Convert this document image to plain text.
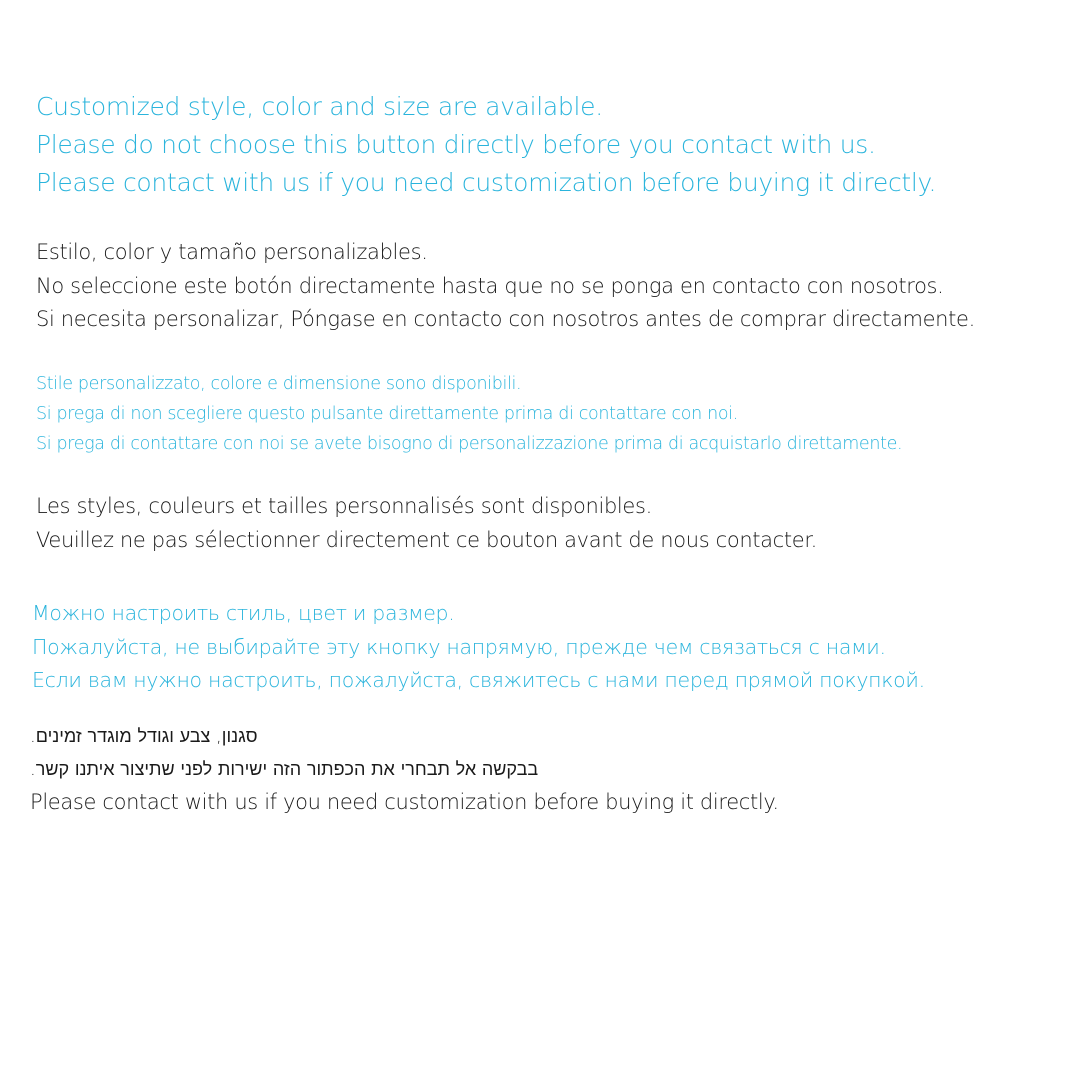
Customized style, color and size are available.
Please do not choose this button directly before you contact with us.
Please contact with us if you need customization before buying it directly.
Estilo, color y tamaño personalizables.
No seleccione este botón directamente hasta que no se ponga en contacto con nosotros.
Si necesita personalizar, Póngase en contacto con nosotros antes de comprar directamente.
Stile personalizzato, colore e dimensione sono disponibili.
Si prega di non scegliere questo pulsante direttamente prima di contattare con noi.
Si prega di contattare con noi se avete bisogno di personalizzazione prima di acquistarlo direttamente.
Les styles, couleurs et tailles personnalisés sont disponibles.
Veuillez ne pas sélectionner directement ce bouton avant de nous contacter.
Можно настроить стиль, цвет и размер.
Пожалуйста, не выбирайте эту кнопку напрямую, прежде чем связаться с нами.
Если вам нужно настроить, пожалуйста, свяжитесь с нами перед прямой покупкой.
סגנון, צבע וגודל מוגדר זמינים.
בבקשה אל תבחרי את הכפתור הזה ישירות לפני שתיצור איתנו קשר.
Please contact with us if you need customization before buying it directly.
